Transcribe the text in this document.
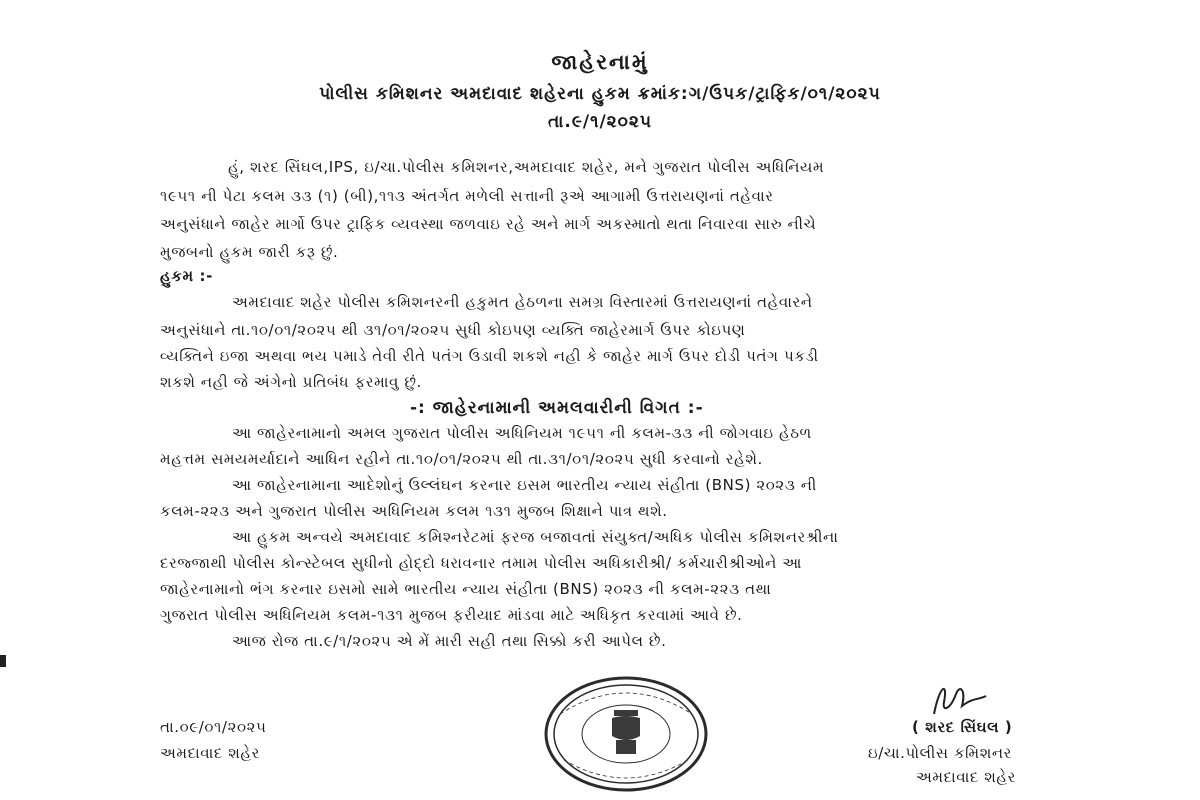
જાહેરનામું
પોલીસ કમિશનર અમદાવાદ શહેરના હુકમ ક્રમાંક:ગ/ઉપક/ટ્રાફિક/૦૧/૨૦૨૫
તા.૯/૧/૨૦૨૫
હું, શરદ સિંઘલ,IPS, ઇ/ચા.પોલીસ કમિશનર,અમદાવાદ શહેર, મને ગુજરાત પોલીસ અધિનિયમ
૧૯૫૧ ની પેટા કલમ ૩૩ (૧) (બી),૧૧૩ અંતર્ગત મળેલી સત્તાની રૂએ આગામી ઉત્તરાયણનાં તહેવાર
અનુસંધાને જાહેર માર્ગો ઉપર ટ્રાફિક વ્યવસ્થા જળવાઇ રહે અને માર્ગ અકસ્માતો થતા નિવારવા સારુ નીચે
મુજબનો હુકમ જારી કરૂ છું.
હુકમ :-
અમદાવાદ શહેર પોલીસ કમિશનરની હકુમત હેઠળના સમગ્ર વિસ્તારમાં ઉત્તરાયણનાં તહેવારને
અનુસંધાને તા.૧૦/૦૧/૨૦૨૫ થી ૩૧/૦૧/૨૦૨૫ સુધી કોઇપણ વ્યક્તિ જાહેરમાર્ગ ઉપર કોઇપણ
વ્યક્તિને ઇજા અથવા ભય પમાડે તેવી રીતે પતંગ ઉડાવી શકશે નહી કે જાહેર માર્ગ ઉપર દોડી પતંગ પકડી
શકશે નહી જે અંગેનો પ્રતિબંધ ફરમાવુ છું.
-: જાહેરનામાની અમલવારીની વિગત :-
આ જાહેરનામાનો અમલ ગુજરાત પોલીસ અધિનિયમ ૧૯૫૧ ની કલમ-૩૩ ની જોગવાઇ હેઠળ
મહત્તમ સમયમર્યાદાને આધિન રહીને તા.૧૦/૦૧/૨૦૨૫ થી તા.૩૧/૦૧/૨૦૨૫ સુધી કરવાનો રહેશે.
આ જાહેરનામાના આદેશોનું ઉલ્લંઘન કરનાર ઇસમ ભારતીય ન્યાય સંહીતા (BNS) ૨૦૨૩ ની
કલમ-૨૨૩ અને ગુજરાત પોલીસ અધિનિયમ કલમ ૧૩૧ મુજબ શિક્ષાને પાત્ર થશે.
આ હુકમ અન્વયે અમદાવાદ કમિશ્નરેટમાં ફરજ બજાવતાં સંયુક્ત/અધિક પોલીસ કમિશનરશ્રીના
દરજ્જાથી પોલીસ કોન્સ્ટેબલ સુધીનો હોદ્દો ધરાવનાર તમામ પોલીસ અધિકારીશ્રી/ કર્મચારીશ્રીઓને આ
જાહેરનામાનો ભંગ કરનાર ઇસમો સામે ભારતીય ન્યાય સંહીતા (BNS) ૨૦૨૩ ની કલમ-૨૨૩ તથા
ગુજરાત પોલીસ અધિનિયમ કલમ-૧૩૧ મુજબ ફરીયાદ માંડવા માટે અધિકૃત કરવામાં આવે છે.
આજ રોજ તા.૯/૧/૨૦૨૫ એ મેં મારી સહી તથા સિક્કો કરી આપેલ છે.
તા.૦૯/૦૧/૨૦૨૫
અમદાવાદ શહેર
( શરદ સિંઘલ )
ઇ/ચા.પોલીસ કમિશનર
અમદાવાદ શહેર
